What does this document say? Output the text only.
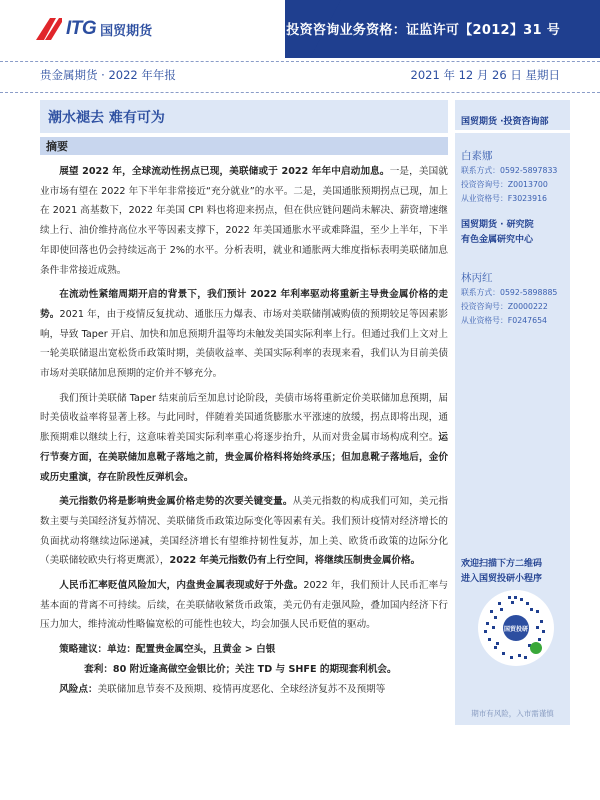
ITG 国贸期货	投资咨询业务资格：证监许可【2012】31 号
贵金属期货 · 2022 年年报	2021 年 12 月 26 日 星期日
潮水褪去 难有可为
摘要

展望 2022 年，全球流动性拐点已现，美联储或于 2022 年年中启动加息。一是，美国就业市场有望在 2022 年下半年非常接近“充分就业”的水平。二是，美国通胀预期拐点已现，加上在 2021 高基数下，2022 年美国 CPI 料也将迎来拐点，但在供应链问题尚未解决、薪资增速继续上行、油价维持高位水平等因素支撑下，2022 年美国通胀水平或难降温，至少上半年，下半年即使回落也仍会持续远高于 2%的水平。分析表明，就业和通胀两大维度指标表明美联储加息条件非常接近成熟。

在流动性紧缩周期开启的背景下，我们预计 2022 年利率驱动将重新主导贵金属价格的走势。2021 年，由于疫情反复扰动、通胀压力爆表、市场对美联储削减购债的预期较足等因素影响，导致 Taper 开启、加快和加息预期升温等均未触发美国实际利率上行。但通过我们上文对上一轮美联储退出宽松货币政策时期，美债收益率、美国实际利率的表现来看，我们认为目前美债市场对美联储加息预期的定价并不够充分。

我们预计美联储 Taper 结束前后至加息讨论阶段，美债市场将重新定价美联储加息预期，届时美债收益率将显著上移。与此同时，伴随着美国通货膨胀水平涨速的放缓，拐点即将出现，通胀预期难以继续上行，这意味着美国实际利率重心将逐步抬升，从而对贵金属市场构成利空。运行节奏方面，在美联储加息靴子落地之前，贵金属价格料将始终承压；但加息靴子落地后，金价或历史重演，存在阶段性反弹机会。

美元指数仍将是影响贵金属价格走势的次要关键变量。从美元指数的构成我们可知，美元指数主要与美国经济复苏情况、美联储货币政策边际变化等因素有关。我们预计疫情对经济增长的负面扰动将继续边际递减，美国经济增长有望维持韧性复苏，加上美、欧货币政策的边际分化（美联储较欧央行将更鹰派），2022 年美元指数仍有上行空间，将继续压制贵金属价格。

人民币汇率贬值风险加大，内盘贵金属表现或好于外盘。2022 年，我们预计人民币汇率与基本面的背离不可持续。后续，在美联储收紧货币政策，美元仍有走强风险，叠加国内经济下行压力加大，维持流动性略偏宽松的可能性也较大，均会加强人民币贬值的驱动。

策略建议：单边：配置贵金属空头，且黄金 > 白银
套利：80 附近逢高做空金银比价；关注 TD 与 SHFE 的期现套利机会。
风险点：美联储加息节奏不及预期、疫情再度恶化、全球经济复苏不及预期等
国贸期货 ·投资咨询部
白素娜
联系方式：0592-5897833
投资咨询号：Z0013700
从业资格号：F3023916
国贸期货 · 研究院
有色金属研究中心
林丙红
联系方式：0592-5898885
投资咨询号：Z0000222
从业资格号：F0247654
欢迎扫描下方二维码
进入国贸投研小程序
国贸投研
期市有风险，入市需谨慎
